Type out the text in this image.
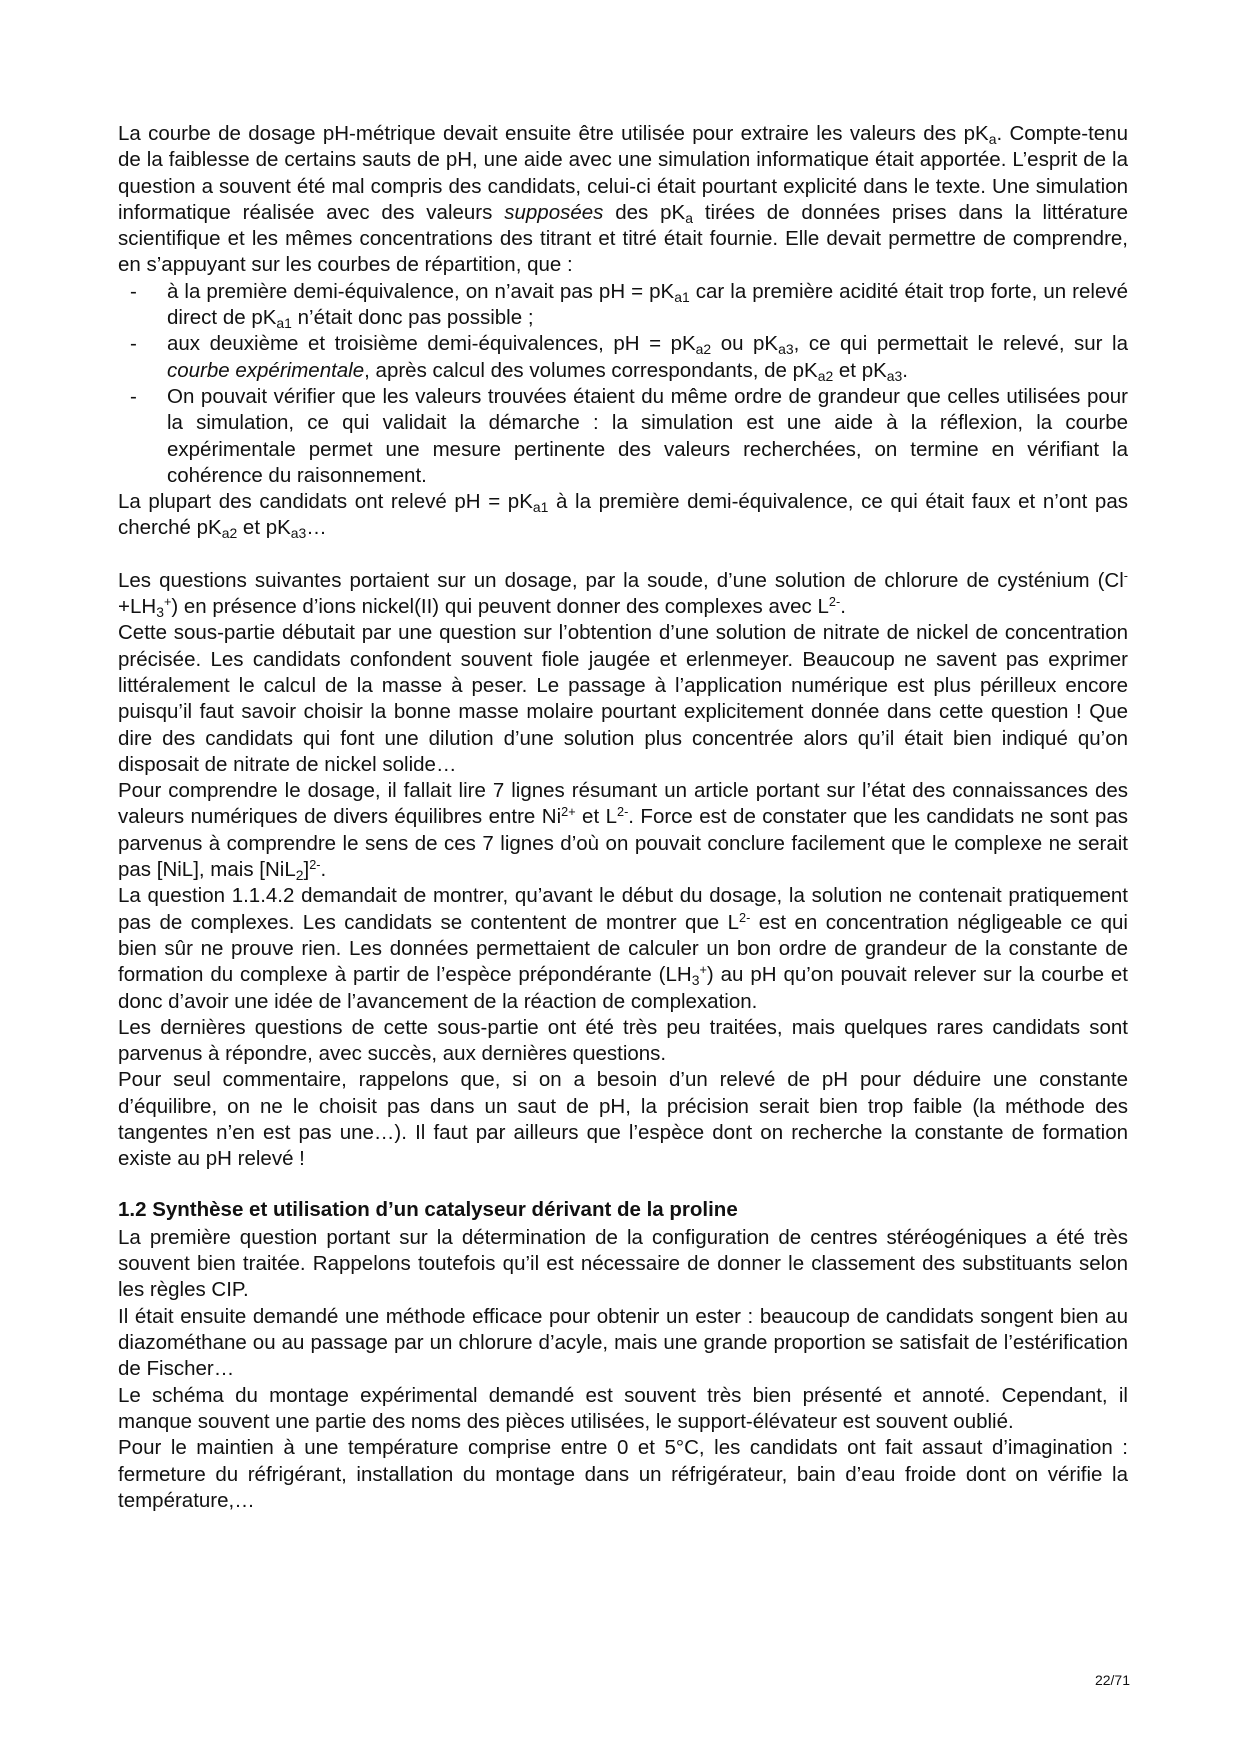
La courbe de dosage pH-métrique devait ensuite être utilisée pour extraire les valeurs des $pK_a$. Compte-tenu de la faiblesse de certains sauts de pH, une aide avec une simulation informatique était apportée. L’esprit de la question a souvent été mal compris des candidats, celui-ci était pourtant explicité dans le texte. Une simulation informatique réalisée avec des valeurs supposées des $pK_a$ tirées de données prises dans la littérature scientifique et les mêmes concentrations des titrant et titré était fournie. Elle devait permettre de comprendre, en s’appuyant sur les courbes de répartition, que :

- à la première demi-équivalence, on n’avait pas pH = $pK_{a1}$ car la première acidité était trop forte, un relevé direct de $pK_{a1}$ n’était donc pas possible ;
- aux deuxième et troisième demi-équivalences, pH = $pK_{a2}$ ou $pK_{a3}$, ce qui permettait le relevé, sur la courbe expérimentale, après calcul des volumes correspondants, de $pK_{a2}$ et $pK_{a3}$.
- On pouvait vérifier que les valeurs trouvées étaient du même ordre de grandeur que celles utilisées pour la simulation, ce qui validait la démarche : la simulation est une aide à la réflexion, la courbe expérimentale permet une mesure pertinente des valeurs recherchées, on termine en vérifiant la cohérence du raisonnement.

La plupart des candidats ont relevé pH = $pK_{a1}$ à la première demi-équivalence, ce qui était faux et n’ont pas cherché $pK_{a2}$ et $pK_{a3}\dots$

Les questions suivantes portaient sur un dosage, par la soude, d’une solution de chlorure de cysténium $(Cl^-+LH_3^+)$ en présence d’ions nickel(II) qui peuvent donner des complexes avec $L^{2-}$.

Cette sous-partie débutait par une question sur l’obtention d’une solution de nitrate de nickel de concentration précisée. Les candidats confondent souvent fiole jaugée et erlenmeyer. Beaucoup ne savent pas exprimer littéralement le calcul de la masse à peser. Le passage à l’application numérique est plus périlleux encore puisqu’il faut savoir choisir la bonne masse molaire pourtant explicitement donnée dans cette question ! Que dire des candidats qui font une dilution d’une solution plus concentrée alors qu’il était bien indiqué qu’on disposait de nitrate de nickel solide…

Pour comprendre le dosage, il fallait lire 7 lignes résumant un article portant sur l’état des connaissances des valeurs numériques de divers équilibres entre $Ni^{2+}$ et $L^{2-}$. Force est de constater que les candidats ne sont pas parvenus à comprendre le sens de ces 7 lignes d’où on pouvait conclure facilement que le complexe ne serait pas [NiL], mais $[NiL_2]^{2-}$.

La question 1.1.4.2 demandait de montrer, qu’avant le début du dosage, la solution ne contenait pratiquement pas de complexes. Les candidats se contentent de montrer que $L^{2-}$ est en concentration négligeable ce qui bien sûr ne prouve rien. Les données permettaient de calculer un bon ordre de grandeur de la constante de formation du complexe à partir de l’espèce prépondérante $(LH_3^+)$ au pH qu’on pouvait relever sur la courbe et donc d’avoir une idée de l’avancement de la réaction de complexation.

Les dernières questions de cette sous-partie ont été très peu traitées, mais quelques rares candidats sont parvenus à répondre, avec succès, aux dernières questions.

Pour seul commentaire, rappelons que, si on a besoin d’un relevé de pH pour déduire une constante d’équilibre, on ne le choisit pas dans un saut de pH, la précision serait bien trop faible (la méthode des tangentes n’en est pas une…). Il faut par ailleurs que l’espèce dont on recherche la constante de formation existe au pH relevé !

1.2 Synthèse et utilisation d’un catalyseur dérivant de la proline

La première question portant sur la détermination de la configuration de centres stéréogéniques a été très souvent bien traitée. Rappelons toutefois qu’il est nécessaire de donner le classement des substituants selon les règles CIP.

Il était ensuite demandé une méthode efficace pour obtenir un ester : beaucoup de candidats songent bien au diazométhane ou au passage par un chlorure d’acyle, mais une grande proportion se satisfait de l’estérification de Fischer…

Le schéma du montage expérimental demandé est souvent très bien présenté et annoté. Cependant, il manque souvent une partie des noms des pièces utilisées, le support-élévateur est souvent oublié.

Pour le maintien à une température comprise entre 0 et 5°C, les candidats ont fait assaut d’imagination : fermeture du réfrigérant, installation du montage dans un réfrigérateur, bain d’eau froide dont on vérifie la température,…

22/71
